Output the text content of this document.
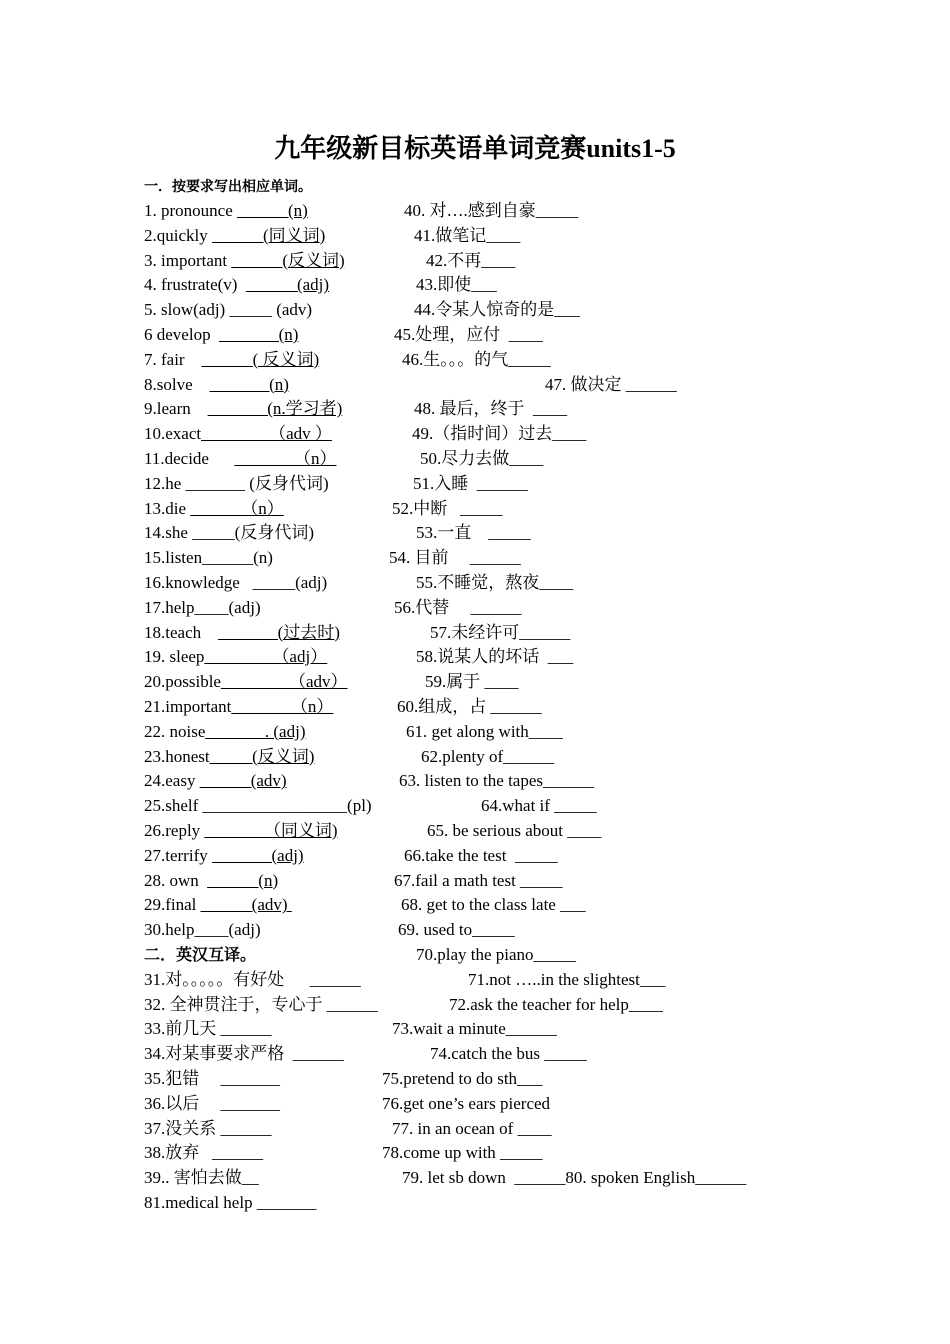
九年级新目标英语单词竞赛units1-5
一．按要求写出相应单词。
1. pronounce ______(n)	40. 对….感到自豪_____
2.quickly ______(同义词)	41.做笔记____
3. important ______(反义词)	42.不再____
4. frustrate(v)  ______(adj)	43.即使___
5. slow(adj) _____ (adv)	44.令某人惊奇的是___
6 develop  _______(n)	45.处理，应付  ____
7. fair    ______( 反义词)	46.生。。。的气_____
8.solve    _______(n)	47. 做决定 ______
9.learn    _______(n.学习者)	48. 最后，终于  ____
10.exact________（adv ）	49.（指时间）过去____
11.decide      _______（n）	50.尽力去做____
12.he _______ (反身代词)	51.入睡  ______
13.die ______（n）	52.中断   _____
14.she _____(反身代词)	53.一直    _____
15.listen______(n)	54. 目前     ______
16.knowledge   _____(adj)	55.不睡觉，熬夜____
17.help____(adj)	56.代替     ______
18.teach    _______(过去时)	57.未经许可______
19. sleep________（adj）	58.说某人的坏话  ___
20.possible________（adv）	59.属于 ____
21.important_______（n）	60.组成，占 ______
22. noise_______. (adj)	61. get along with____
23.honest_____(反义词)	62.plenty of______
24.easy ______(adv)	63. listen to the tapes______
25.shelf _________________(pl)	64.what if _____
26.reply _______（同义词)	65. be serious about ____
27.terrify _______(adj)	66.take the test  _____
28. own  ______(n)	67.fail a math test _____
29.final ______(adv)	68. get to the class late ___
30.help____(adj)	69. used to_____
二．英汉互译。	70.play the piano_____
31.对。。。。。有好处      ______	71.not …..in the slightest___
32. 全神贯注于，专心于 ______	72.ask the teacher for help____
33.前几天 ______	73.wait a minute______
34.对某事要求严格  ______	74.catch the bus _____
35.犯错     _______	75.pretend to do sth___
36.以后     _______	76.get one’s ears pierced
37.没关系 ______	77. in an ocean of ____
38.放弃   ______	78.come up with _____
39.. 害怕去做__	79. let sb down  ______80. spoken English______
81.medical help _______
